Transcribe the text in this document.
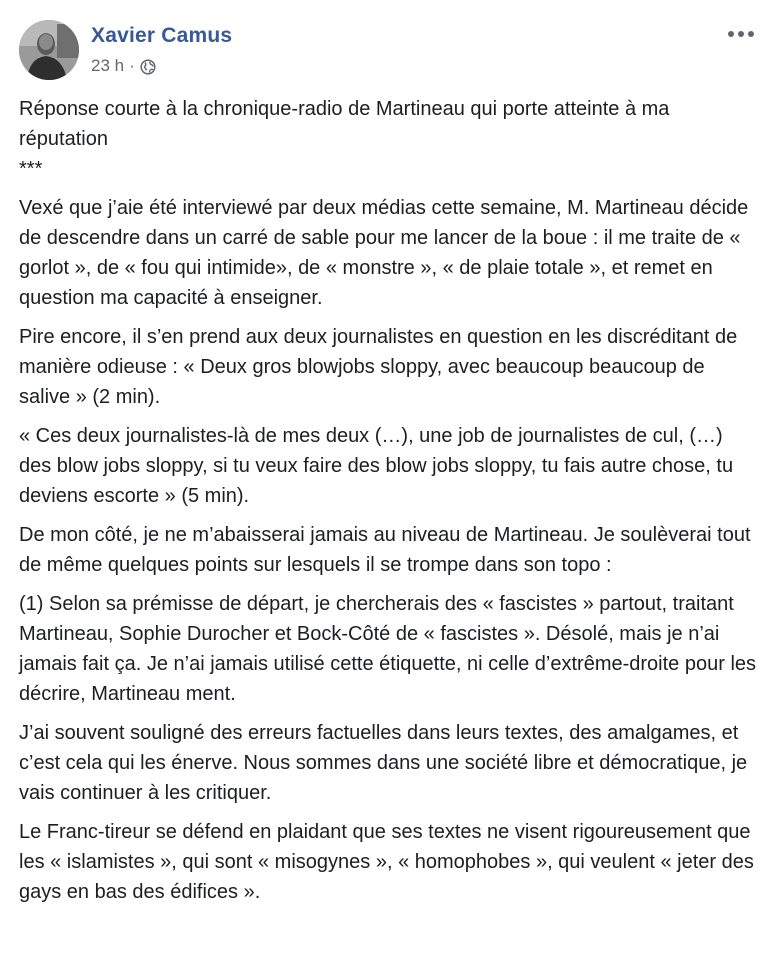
Xavier Camus
23 h ·

Réponse courte à la chronique-radio de Martineau qui porte atteinte à ma réputation

***

Vexé que j’aie été interviewé par deux médias cette semaine, M. Martineau décide de descendre dans un carré de sable pour me lancer de la boue : il me traite de « gorlot », de « fou qui intimide», de « monstre », « de plaie totale », et remet en question ma capacité à enseigner.

Pire encore, il s’en prend aux deux journalistes en question en les discréditant de manière odieuse : « Deux gros blowjobs sloppy, avec beaucoup beaucoup de salive » (2 min).

« Ces deux journalistes-là de mes deux (…), une job de journalistes de cul, (…) des blow jobs sloppy, si tu veux faire des blow jobs sloppy, tu fais autre chose, tu deviens escorte » (5 min).

De mon côté, je ne m’abaisserai jamais au niveau de Martineau. Je soulèverai tout de même quelques points sur lesquels il se trompe dans son topo :

(1) Selon sa prémisse de départ, je chercherais des « fascistes » partout, traitant Martineau, Sophie Durocher et Bock-Côté de « fascistes ». Désolé, mais je n’ai jamais fait ça. Je n’ai jamais utilisé cette étiquette, ni celle d’extrême-droite pour les décrire, Martineau ment.

J’ai souvent souligné des erreurs factuelles dans leurs textes, des amalgames, et c’est cela qui les énerve. Nous sommes dans une société libre et démocratique, je vais continuer à les critiquer.

Le Franc-tireur se défend en plaidant que ses textes ne visent rigoureusement que les « islamistes », qui sont « misogynes », « homophobes », qui veulent « jeter des gays en bas des édifices ».
